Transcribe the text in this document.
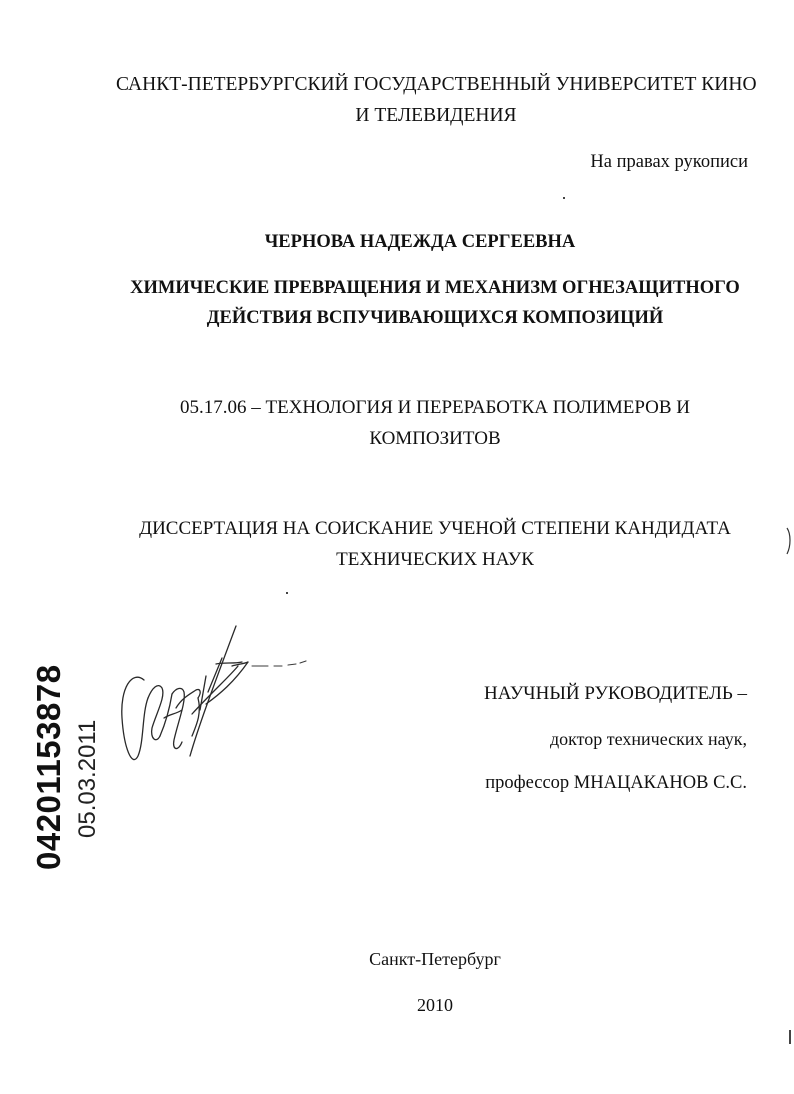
САНКТ-ПЕТЕРБУРГСКИЙ ГОСУДАРСТВЕННЫЙ УНИВЕРСИТЕТ КИНО
И ТЕЛЕВИДЕНИЯ
На правах рукописи
ЧЕРНОВА НАДЕЖДА СЕРГЕЕВНА
ХИМИЧЕСКИЕ ПРЕВРАЩЕНИЯ И МЕХАНИЗМ ОГНЕЗАЩИТНОГО
ДЕЙСТВИЯ ВСПУЧИВАЮЩИХСЯ КОМПОЗИЦИЙ
05.17.06 – ТЕХНОЛОГИЯ И ПЕРЕРАБОТКА ПОЛИМЕРОВ И
КОМПОЗИТОВ
ДИССЕРТАЦИЯ НА СОИСКАНИЕ УЧЕНОЙ СТЕПЕНИ КАНДИДАТА
ТЕХНИЧЕСКИХ НАУК
НАУЧНЫЙ РУКОВОДИТЕЛЬ –
доктор технических наук,
профессор МНАЦАКАНОВ С.С.
Санкт-Петербург
2010
04201153878 05.03.2011
